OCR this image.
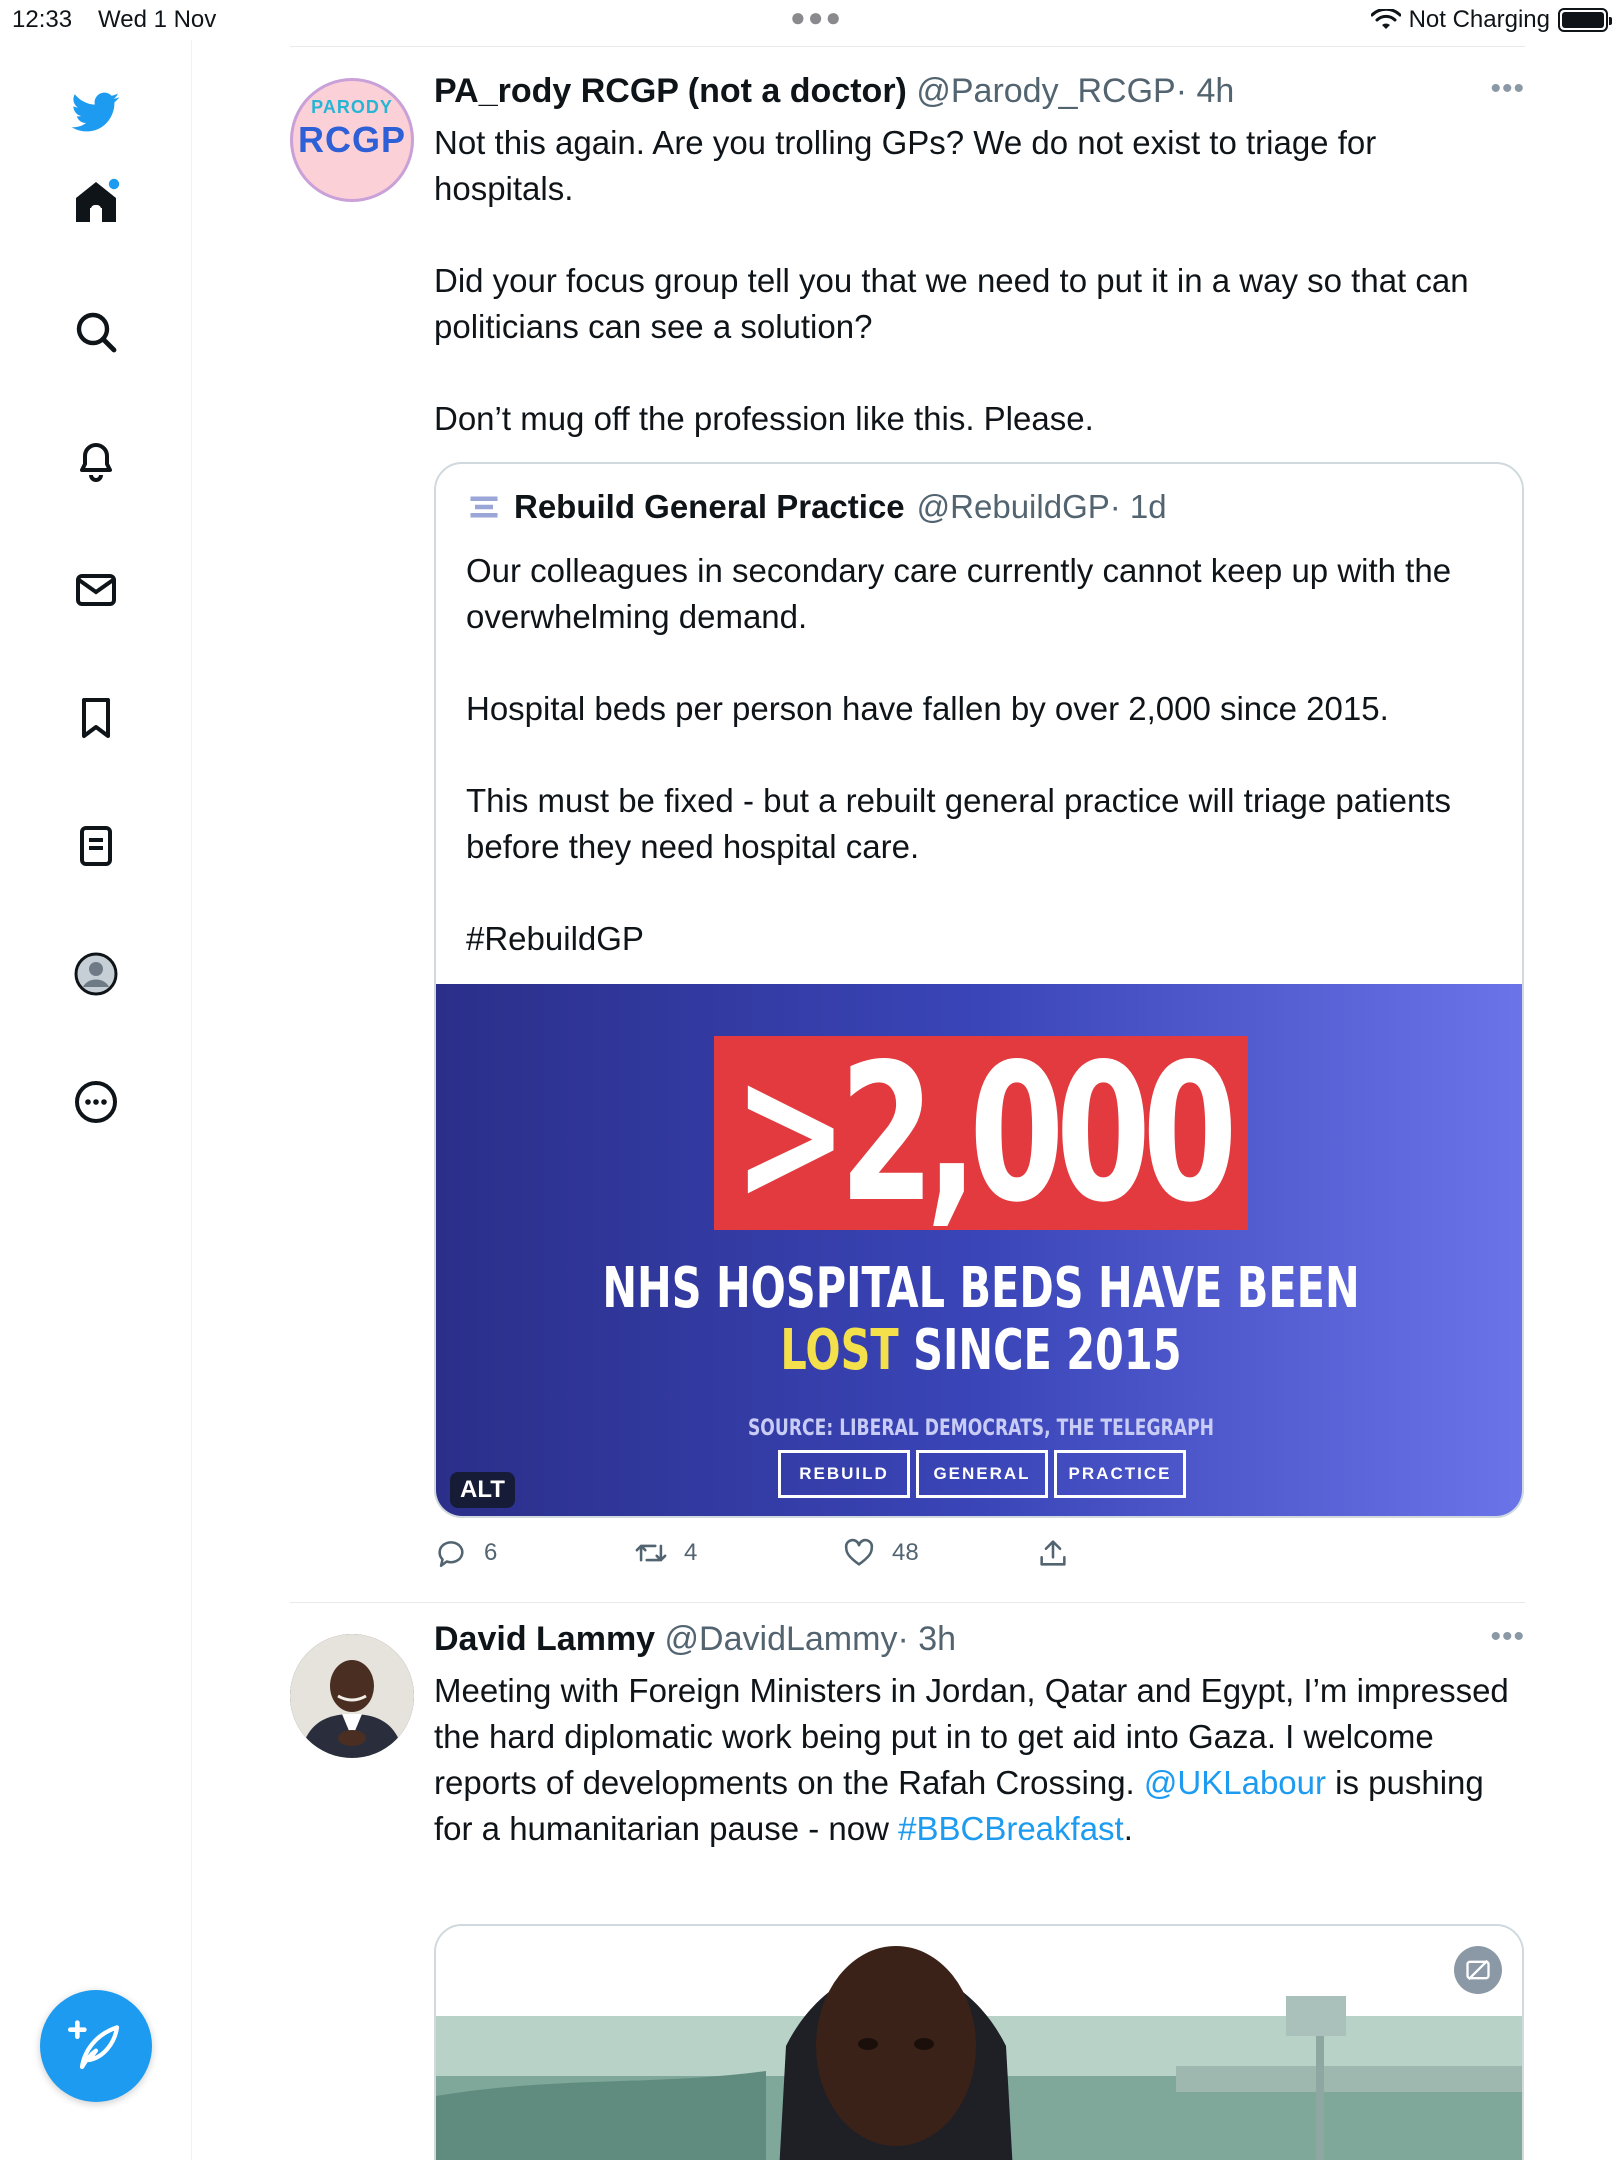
12:33 Wed 1 Nov	●●●	Not Charging
PARODY
RCGP
PA_rody RCGP (not a doctor) @Parody_RCGP· 4h	•••
Not this again. Are you trolling GPs? We do not exist to triage for hospitals.

Did your focus group tell you that we need to put it in a way so that can politicians can see a solution?

Don’t mug off the profession like this. Please.
Rebuild General Practice @RebuildGP· 1d
Our colleagues in secondary care currently cannot keep up with the overwhelming demand.

Hospital beds per person have fallen by over 2,000 since 2015.

This must be fixed - but a rebuilt general practice will triage patients before they need hospital care.

#RebuildGP
>2,000
NHS HOSPITAL BEDS HAVE BEEN
LOST SINCE 2015
SOURCE: LIBERAL DEMOCRATS, THE TELEGRAPH
REBUILD	GENERAL	PRACTICE
ALT
6	4	48
David Lammy @DavidLammy· 3h	•••
Meeting with Foreign Ministers in Jordan, Qatar and Egypt, I’m impressed the hard diplomatic work being put in to get aid into Gaza. I welcome reports of developments on the Rafah Crossing. @UKLabour is pushing for a humanitarian pause - now #BBCBreakfast.
